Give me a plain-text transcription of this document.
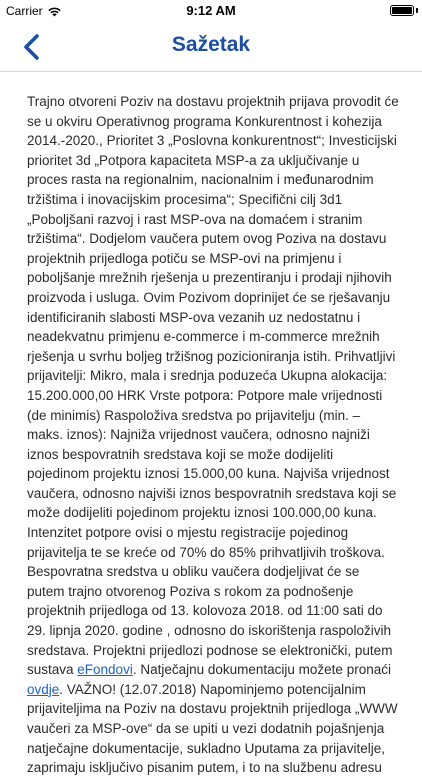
Carrier	9:12 AM
Sažetak
Trajno otvoreni Poziv na dostavu projektnih prijava provodit će se u okviru Operativnog programa Konkurentnost i kohezija 2014.-2020., Prioritet 3 „Poslovna konkurentnost“; Investicijski prioritet 3d „Potpora kapaciteta MSP-a za uključivanje u proces rasta na regionalnim, nacionalnim i međunarodnim tržištima i inovacijskim procesima“; Specifični cilj 3d1 „Poboljšani razvoj i rast MSP-ova na domaćem i stranim tržištima“. Dodjelom vaučera putem ovog Poziva na dostavu projektnih prijedloga potiču se MSP-ovi na primjenu i poboljšanje mrežnih rješenja u prezentiranju i prodaji njihovih proizvoda i usluga. Ovim Pozivom doprinijet će se rješavanju identificiranih slabosti MSP-ova vezanih uz nedostatnu i neadekvatnu primjenu e-commerce i m-commerce mrežnih rješenja u svrhu boljeg tržišnog pozicioniranja istih. Prihvatljivi prijavitelji: Mikro, mala i srednja poduzeća Ukupna alokacija: 15.200.000,00 HRK Vrste potpora: Potpore male vrijednosti (de minimis) Raspoloživa sredstva po prijavitelju (min. – maks. iznos): Najniža vrijednost vaučera, odnosno najniži iznos bespovratnih sredstava koji se može dodijeliti pojedinom projektu iznosi 15.000,00 kuna. Najviša vrijednost vaučera, odnosno najviši iznos bespovratnih sredstava koji se može dodijeliti pojedinom projektu iznosi 100.000,00 kuna. Intenzitet potpore ovisi o mjestu registracije pojedinog prijavitelja te se kreće od 70% do 85% prihvatljivih troškova. Bespovratna sredstva u obliku vaučera dodjeljivat će se putem trajno otvorenog Poziva s rokom za podnošenje projektnih prijedloga od 13. kolovoza 2018. od 11:00 sati do 29. lipnja 2020. godine , odnosno do iskorištenja raspoloživih sredstava. Projektni prijedlozi podnose se elektronički, putem sustava eFondovi. Natječajnu dokumentaciju možete pronaći ovdje. VAŽNO! (12.07.2018) Napominjemo potencijalnim prijaviteljima na Poziv na dostavu projektnih prijedloga „WWW vaučeri za MSP-ove“ da se upiti u vezi dodatnih pojašnjenja natječajne dokumentacije, sukladno Uputama za prijavitelje, zaprimaju isključivo pisanim putem, i to na službenu adresu
